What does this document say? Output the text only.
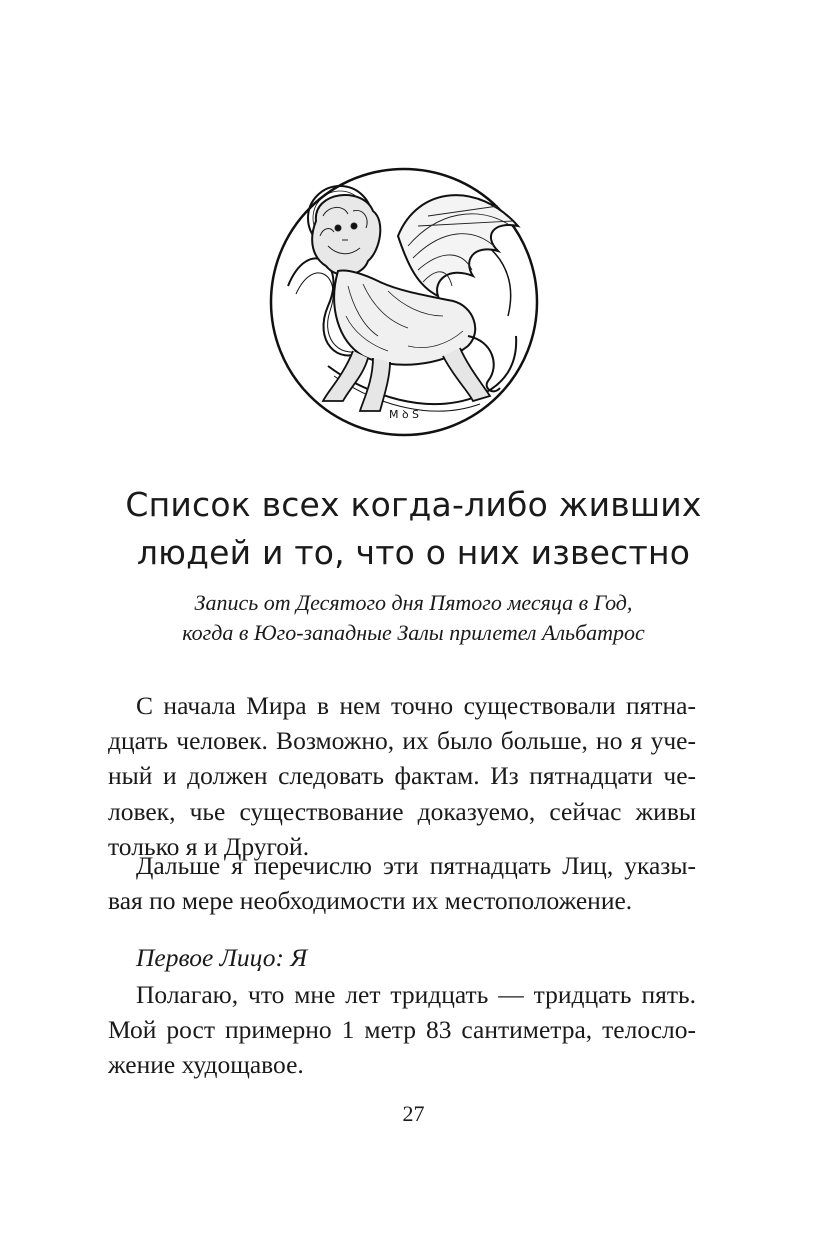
M ꝺ S
Список всех когда-либо живших
людей и то, что о них известно
Запись от Десятого дня Пятого месяца в Год,
когда в Юго-западные Залы прилетел Альбатрос
С начала Мира в нем точно существовали пятна-
дцать человек. Возможно, их было больше, но я уче-
ный и должен следовать фактам. Из пятнадцати че-
ловек, чье существование доказуемо, сейчас живы
только я и Другой.
Дальше я перечислю эти пятнадцать Лиц, указы-
вая по мере необходимости их местоположение.
Первое Лицо: Я
Полагаю, что мне лет тридцать — тридцать пять.
Мой рост примерно 1 метр 83 сантиметра, телосло-
жение худощавое.
27
